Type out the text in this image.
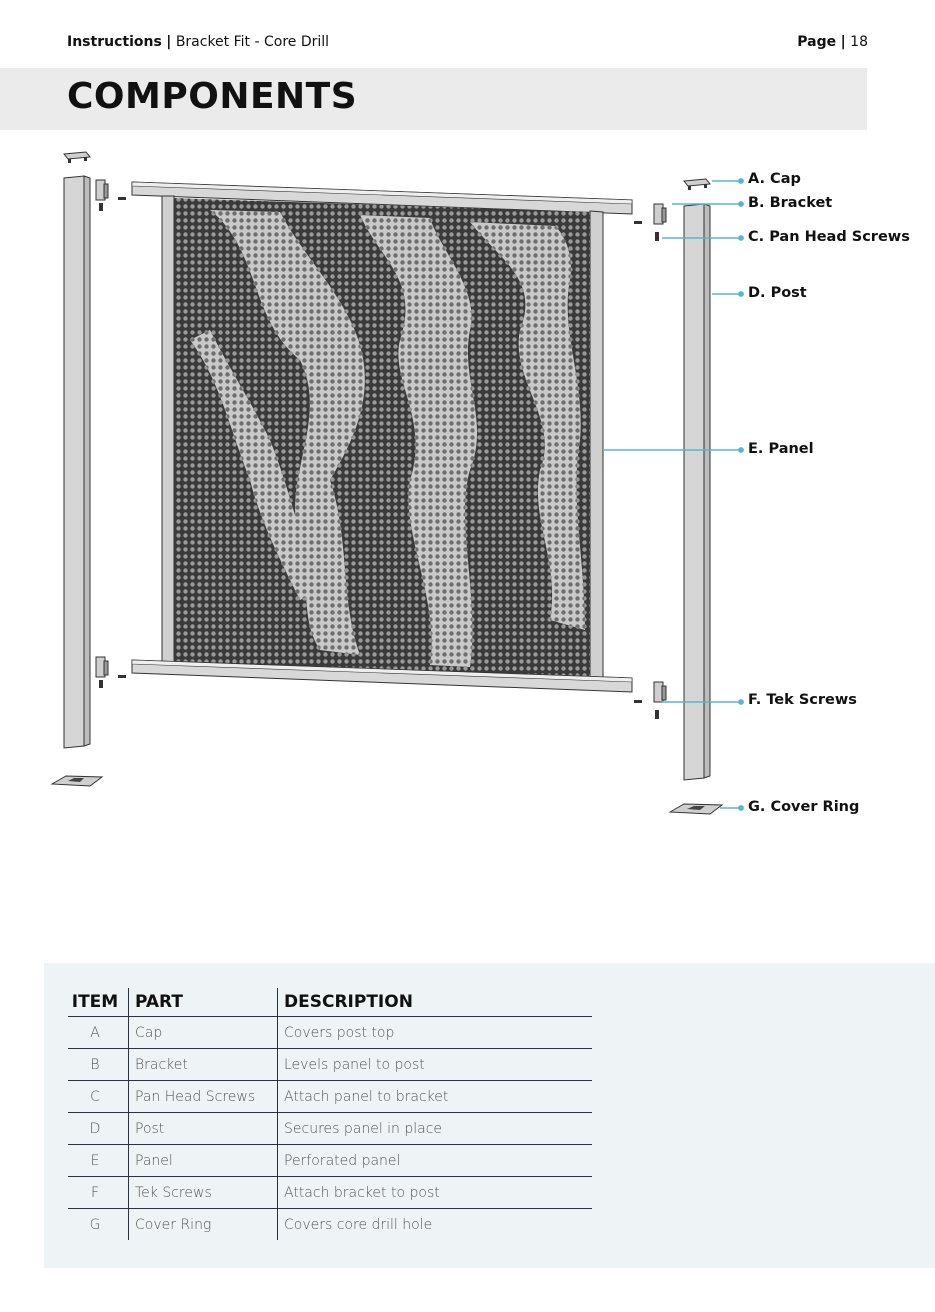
Instructions | Bracket Fit - Core Drill	Page | 18
COMPONENTS
A. Cap
B. Bracket
C. Pan Head Screws
D. Post
E. Panel
F. Tek Screws
G. Cover Ring
ITEM	PART	DESCRIPTION
A	Cap	Covers post top
B	Bracket	Levels panel to post
C	Pan Head Screws	Attach panel to bracket
D	Post	Secures panel in place
E	Panel	Perforated panel
F	Tek Screws	Attach bracket to post
G	Cover Ring	Covers core drill hole
